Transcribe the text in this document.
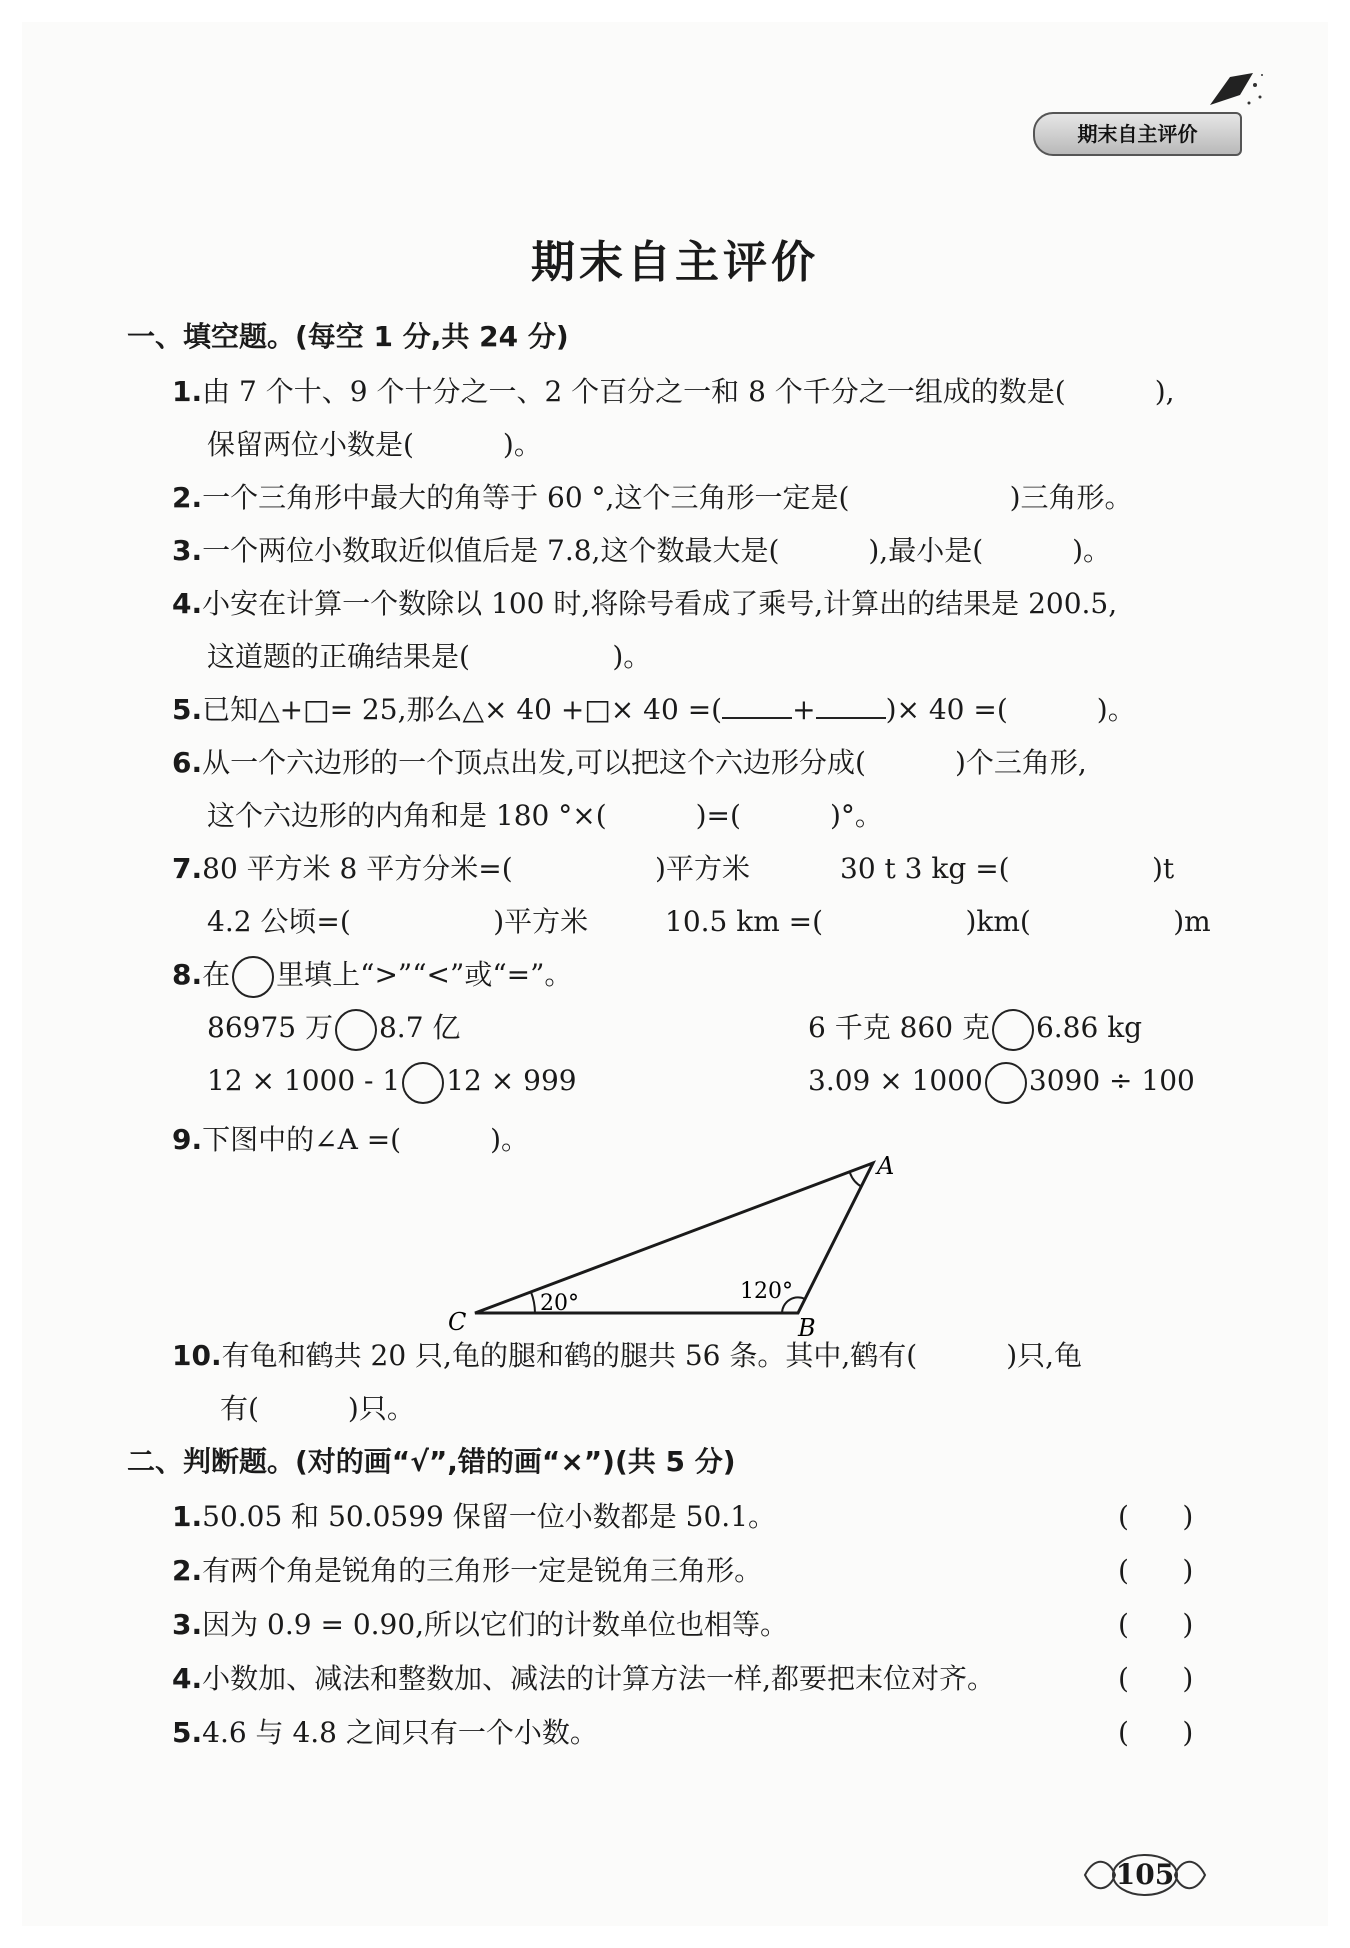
期末自主评价
期末自主评价
一、填空题。(每空 1 分,共 24 分)
1.由 7 个十、9 个十分之一、2 个百分之一和 8 个千分之一组成的数是(          ),
保留两位小数是(          )。
2.一个三角形中最大的角等于 60 °,这个三角形一定是(                  )三角形。
3.一个两位小数取近似值后是 7.8,这个数最大是(          ),最小是(          )。
4.小安在计算一个数除以 100 时,将除号看成了乘号,计算出的结果是 200.5,
这道题的正确结果是(                )。
5.已知△+□= 25,那么△× 40 +□× 40 =(	+	)× 40 =(          )。
6.从一个六边形的一个顶点出发,可以把这个六边形分成(          )个三角形,
这个六边形的内角和是 180 °×(          )=(          )°。
7.80 平方米 8 平方分米=(                )平方米	30 t 3 kg =(                )t
4.2 公顷=(                )平方米	10.5 km =(                )km(                )m
8.在 里填上“>”“<”或“=”。
86975 万 8.7 亿	6 千克 860 克 6.86 kg
12 × 1000 - 1 12 × 999	3.09 × 1000 3090 ÷ 100
9.下图中的∠A =(          )。
A
B
C
20°	120°
10.有龟和鹤共 20 只,龟的腿和鹤的腿共 56 条。其中,鹤有(          )只,龟
有(          )只。
二、判断题。(对的画“√”,错的画“×”)(共 5 分)
1.50.05 和 50.0599 保留一位小数都是 50.1。	(      )
2.有两个角是锐角的三角形一定是锐角三角形。	(      )
3.因为 0.9 = 0.90,所以它们的计数单位也相等。	(      )
4.小数加、减法和整数加、减法的计算方法一样,都要把末位对齐。	(      )
5.4.6 与 4.8 之间只有一个小数。	(      )
105
